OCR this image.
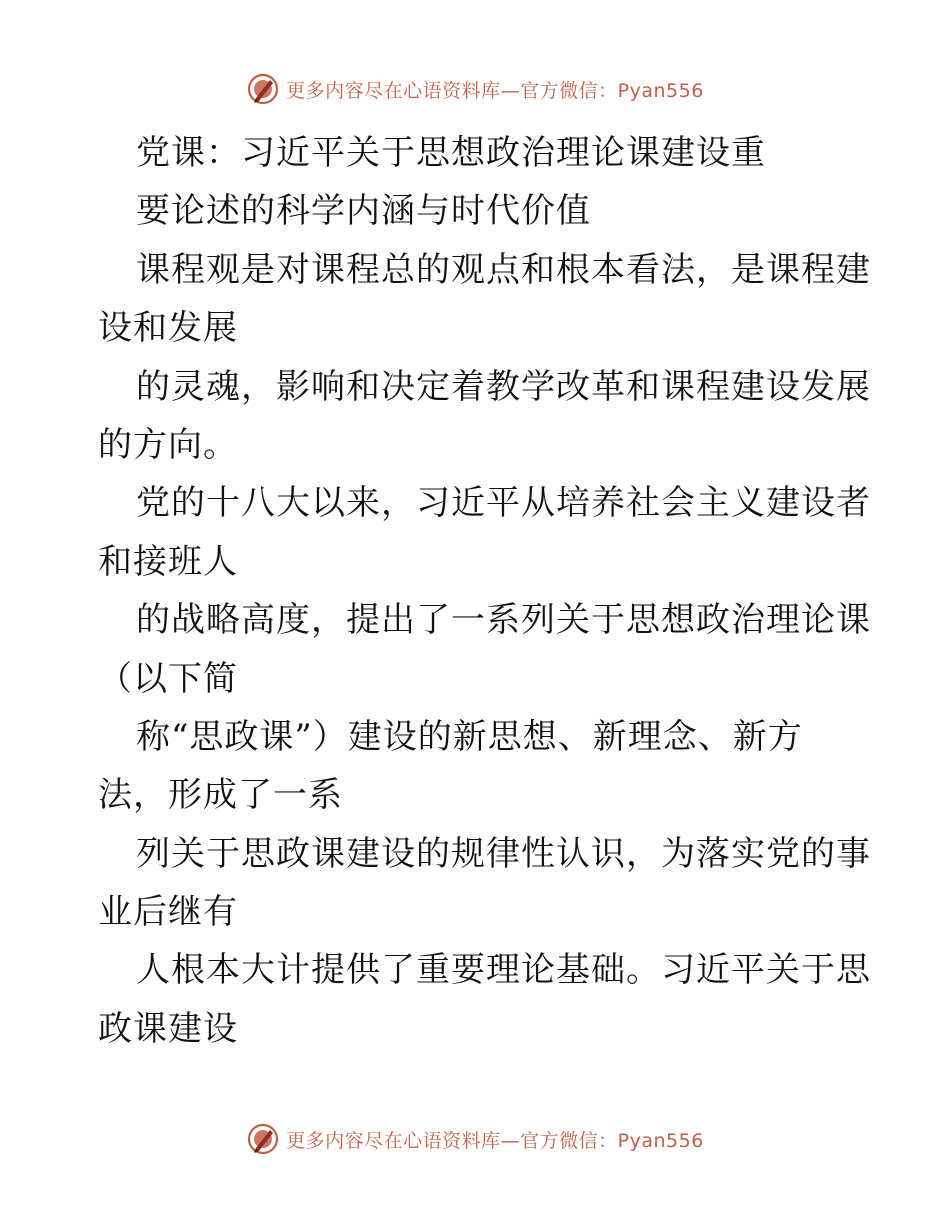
更多内容尽在心语资料库—官方微信：Pyan556
党课：习近平关于思想政治理论课建设重
要论述的科学内涵与时代价值
课程观是对课程总的观点和根本看法，是课程建
设和发展
的灵魂，影响和决定着教学改革和课程建设发展
的方向。
党的十八大以来，习近平从培养社会主义建设者
和接班人
的战略高度，提出了一系列关于思想政治理论课
（以下简
称“思政课”）建设的新思想、新理念、新方
法，形成了一系
列关于思政课建设的规律性认识，为落实党的事
业后继有
人根本大计提供了重要理论基础。习近平关于思
政课建设
更多内容尽在心语资料库—官方微信：Pyan556
